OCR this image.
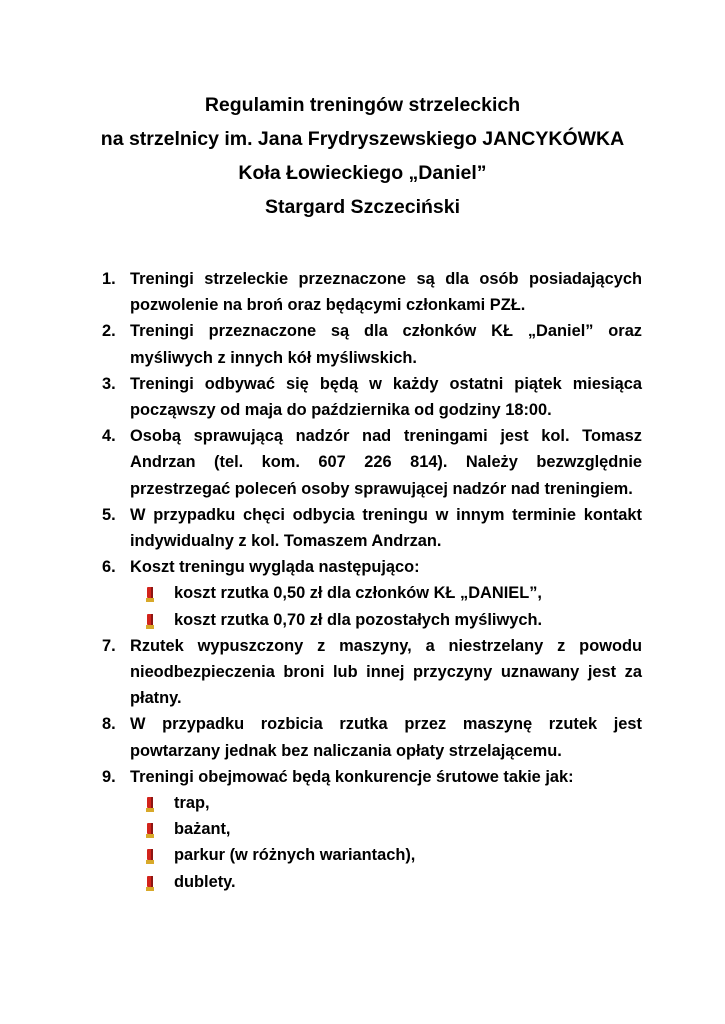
Regulamin treningów strzeleckich
na strzelnicy im. Jana Frydryszewskiego JANCYKÓWKA
Koła Łowieckiego „Daniel”
Stargard Szczeciński
1. Treningi strzeleckie przeznaczone są dla osób posiadających pozwolenie na broń oraz będącymi członkami PZŁ.
2. Treningi przeznaczone są dla członków KŁ „Daniel” oraz myśliwych z innych kół myśliwskich.
3. Treningi odbywać się będą w każdy ostatni piątek miesiąca począwszy od maja do października od godziny 18:00.
4. Osobą sprawującą nadzór nad treningami jest kol. Tomasz Andrzan (tel. kom. 607 226 814). Należy bezwzględnie przestrzegać poleceń osoby sprawującej nadzór nad treningiem.
5. W przypadku chęci odbycia treningu w innym terminie kontakt indywidualny z kol. Tomaszem Andrzan.
6. Koszt treningu wygląda następująco:
koszt rzutka 0,50 zł dla członków KŁ „DANIEL”,
koszt rzutka 0,70 zł dla pozostałych myśliwych.
7. Rzutek wypuszczony z maszyny, a niestrzelany z powodu nieodbezpieczenia broni lub innej przyczyny uznawany jest za płatny.
8. W przypadku rozbicia rzutka przez maszynę rzutek jest powtarzany jednak bez naliczania opłaty strzelającemu.
9. Treningi obejmować będą konkurencje śrutowe takie jak:
trap,
bażant,
parkur (w różnych wariantach),
dublety.
